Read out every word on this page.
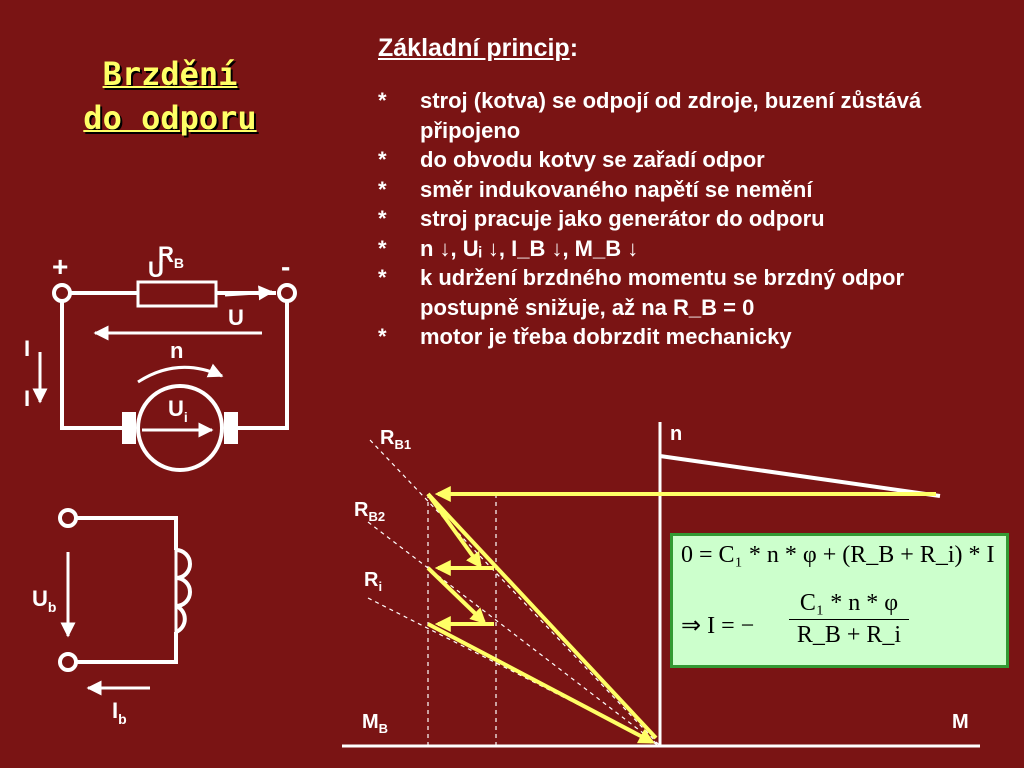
Brzdění
do odporu
Základní princip:
* stroj (kotva) se odpojí od zdroje, buzení zůstává připojeno
* do obvodu kotvy se zařadí odpor
* směr indukovaného napětí se nemění
* stroj pracuje jako generátor do odporu
* n ↓, Uᵢ ↓, I_B ↓, M_B ↓
* k udržení brzdného momentu se brzdný odpor postupně snižuje, až na R_B = 0
* motor je třeba dobrzdit mechanicky
+	-
U
$R_B$
U
n
I
I	$U_i$
$U_b$
$I_b$
$R_{B1}$
$R_{B2}$
$R_i$
$M_B$
n
M
0 = C₁ * n * φ + (R_B + R_i) * I
⇒ I = − $\frac{\text{C₁ * n * φ}}{R\_B + R\_i}$
